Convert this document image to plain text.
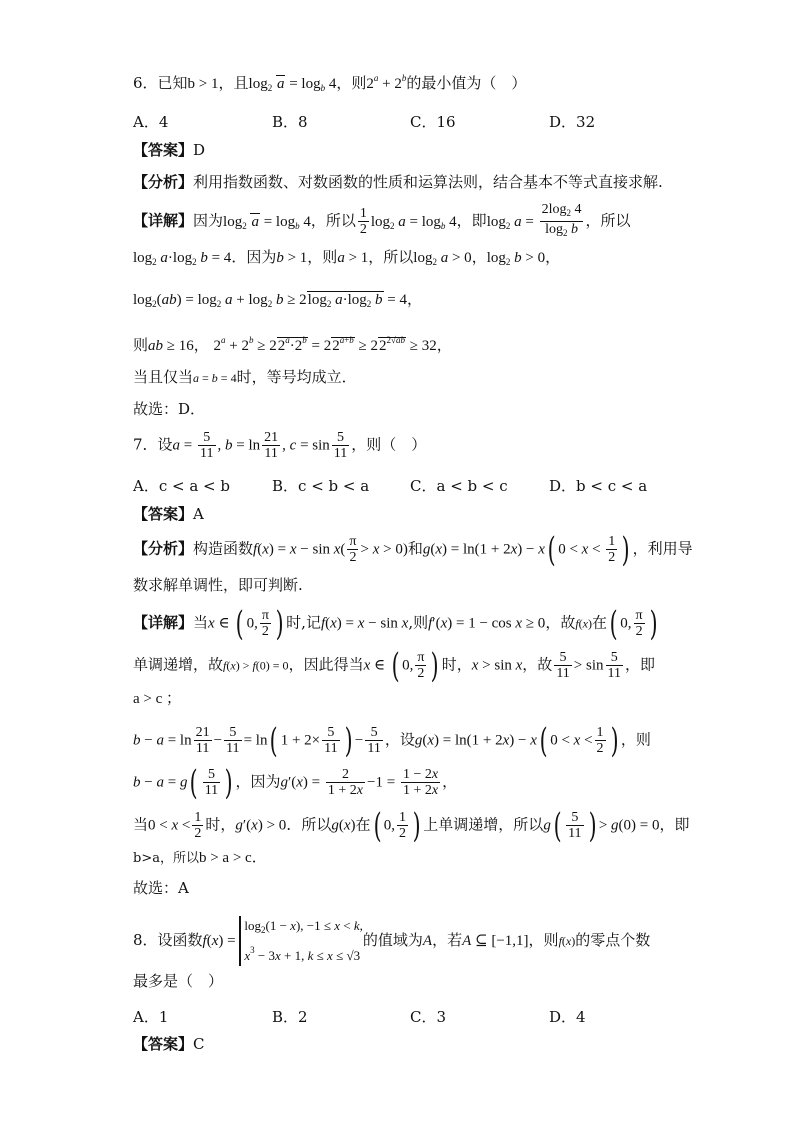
6．已知b > 1，且$\log_2 a = \log_b 4$，则$2^a + 2^b$的最小值为（　）
A．4	B．8	C．16	D．32
【答案】D
【分析】利用指数函数、对数函数的性质和运算法则，结合基本不等式直接求解.
【详解】因为$\log_2 a = \log_b 4$，所以 $\frac{1}{2} \log_2 a = \log_b 4$，即$\log_2 a = \frac{2\log_2 4}{\log_2 b}$ ，所以
$\log_2 a\cdot\log_2$ b = 4．因为b > 1，则a > 1，所以$\log_2 a > 0$，$\log_2 b > 0$，
$\log_2(ab) = \log_2 a + \log_2 b \ge 2\log_2$ $a\cdot\log_2$ b = 4，
则ab ≥ 16， $2^a + 2^b \ge 22^a\cdot 2^b = 22^{a+b} \ge 22^{2√ab} \ge 32$，
当且仅当a = b = 4时，等号均成立．
故选：D．
7．设$a = \frac{5}{11}$ , $b = \ln \frac{21}{11}$ , $c = \sin \frac{5}{11}$ ，则（　）
A．c < a < b	B．c < b < a	C．a < b < c	D．b < c < a
【答案】A
【分析】构造函数$f(x) = x - \sin x( \frac{\pi}{2} > x > 0)$和g(x) = ln(1 + 2x) − x( $0 < x < \frac{1}{2}$ ) ，利用导
数求解单调性，即可判断.
【详解】当x ∈ ( 0, $\frac{\pi}{2}$ ) 时,记f(x) = x − sin x,则f′(x) = 1 − cos x ≥ 0，故f(x)在( 0, $\frac{\pi}{2}$ )
单调递增，故f(x) > f(0) = 0，因此得当x ∈ ( 0, $\frac{\pi}{2}$ ) 时，x > sin x，故 $\frac{5}{11} > \sin \frac{5}{11}$ ，即
a > c ；
$b - a = \ln \frac{21}{11} - \frac{5}{11} = \ln$( $1 + 2\times \frac{5}{11}$ ) − $\frac{5}{11}$ ，设g(x) = ln(1 + 2x) − x( $0 < x < \frac{1}{2}$ ) ，则
$b - a = g( \frac{5}{11}$ ) ，因为$g'(x) = \frac{2}{1 + 2x} -1 = \frac{1 - 2x}{1 + 2x}$ ，
当$0 < x < \frac{1}{2}$ 时，g′(x) > 0．所以g(x)在( 0, $\frac{1}{2}$ ) 上单调递增，所以$g( \frac{5}{11}$ ) > g(0) = 0，即
b>a，所以b > a > c．
故选：A
8．设函数$f(x) = \log_2(1 - x)$, −1 ≤ x < k,
$x^3 - 3x + 1$, k ≤ x ≤ √3的值域为A，若A ⊆ [−1,1]，则f(x)的零点个数
最多是（　）
A．1	B．2	C．3	D．4
【答案】C
